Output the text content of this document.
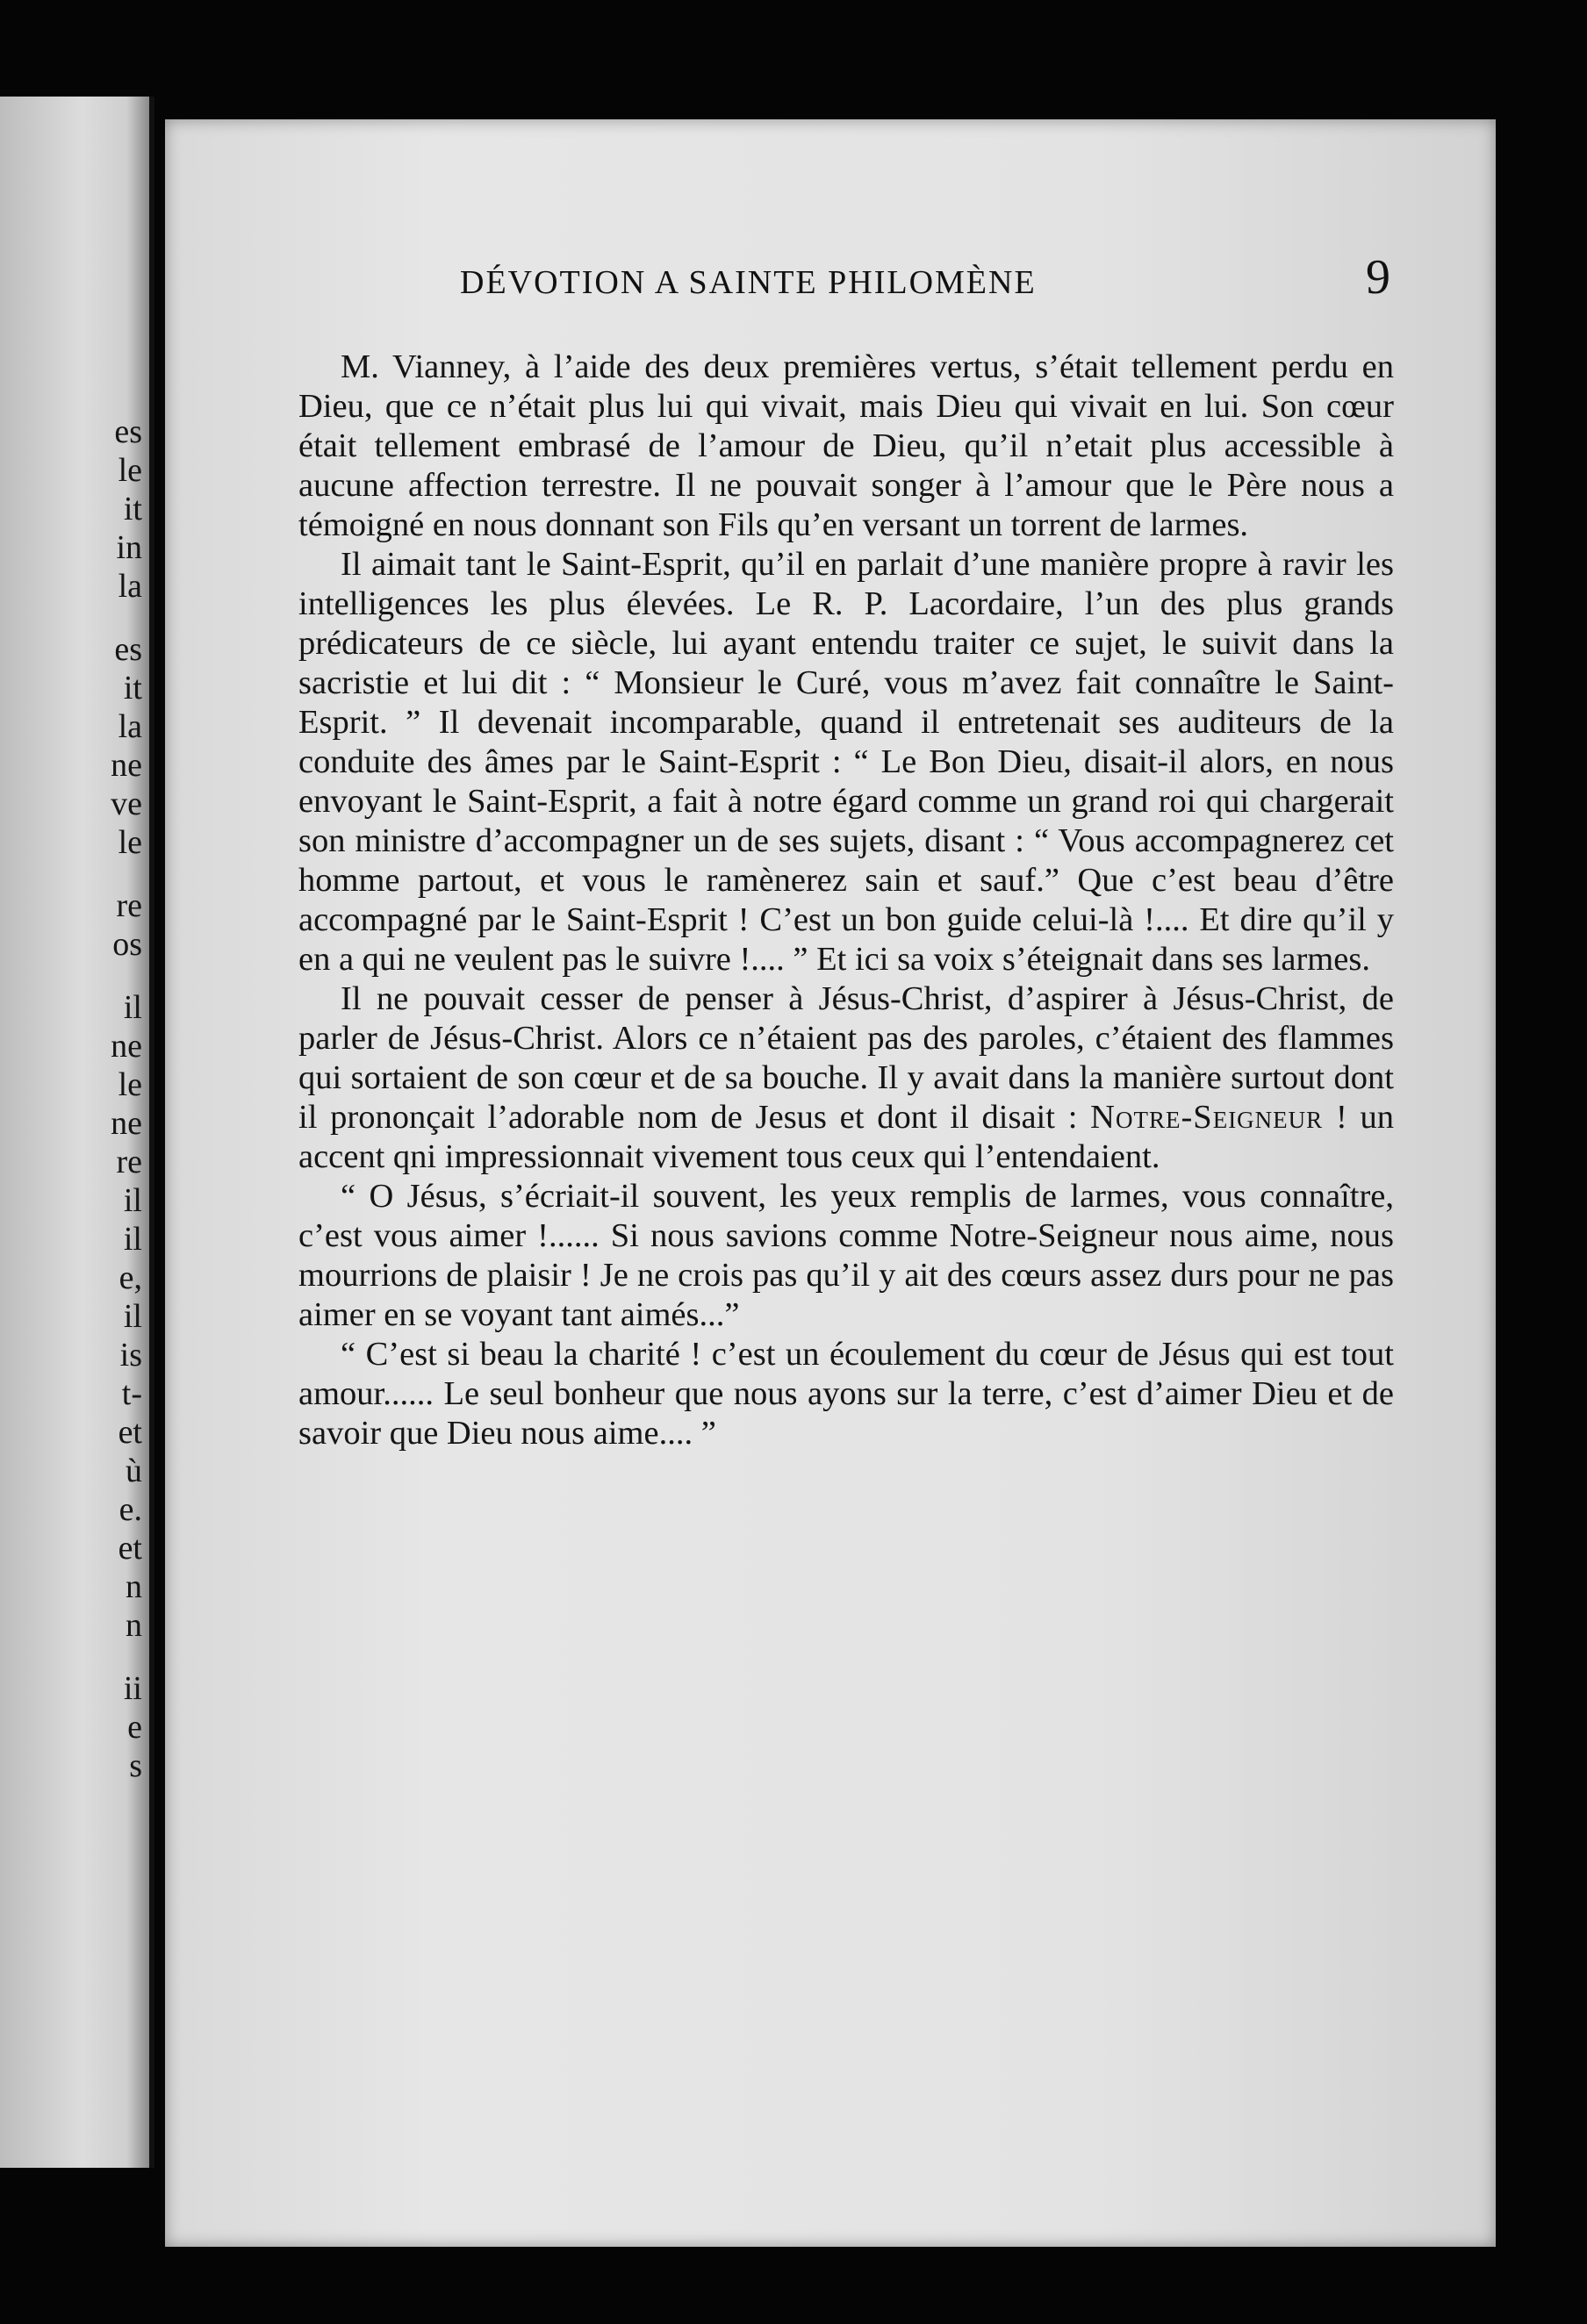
es
le
it
in
la
es
it
la
ne
ve
le
re
os
il
ne
le
ne
re
il
il
e,
il
is
t-
et
ù
e.
et
n
n
ii
e
s
DÉVOTION A SAINTE PHILOMÈNE	9

M. Vianney, à l’aide des deux premières vertus, s’était tellement perdu en Dieu, que ce n’était plus lui qui vivait, mais Dieu qui vivait en lui. Son cœur était tellement embrasé de l’amour de Dieu, qu’il n’etait plus accessible à aucune affection terrestre. Il ne pouvait songer à l’amour que le Père nous a témoigné en nous donnant son Fils qu’en versant un torrent de larmes.

Il aimait tant le Saint-Esprit, qu’il en parlait d’une manière propre à ravir les intelligences les plus élevées. Le R. P. Lacordaire, l’un des plus grands prédicateurs de ce siècle, lui ayant entendu traiter ce sujet, le suivit dans la sacristie et lui dit : “ Monsieur le Curé, vous m’avez fait connaître le Saint-Esprit. ” Il devenait incomparable, quand il entretenait ses auditeurs de la conduite des âmes par le Saint-Esprit : “ Le Bon Dieu, disait-il alors, en nous envoyant le Saint-Esprit, a fait à notre égard comme un grand roi qui chargerait son ministre d’accompagner un de ses sujets, disant : “ Vous accompagnerez cet homme partout, et vous le ramènerez sain et sauf.” Que c’est beau d’être accompagné par le Saint-Esprit ! C’est un bon guide celui-là !.... Et dire qu’il y en a qui ne veulent pas le suivre !.... ” Et ici sa voix s’éteignait dans ses larmes.

Il ne pouvait cesser de penser à Jésus-Christ, d’aspirer à Jésus-Christ, de parler de Jésus-Christ. Alors ce n’étaient pas des paroles, c’étaient des flammes qui sortaient de son cœur et de sa bouche. Il y avait dans la manière surtout dont il prononçait l’adorable nom de Jesus et dont il disait : Notre-Seigneur ! un accent qni impressionnait vivement tous ceux qui l’entendaient.

“ O Jésus, s’écriait-il souvent, les yeux remplis de larmes, vous connaître, c’est vous aimer !...... Si nous savions comme Notre-Seigneur nous aime, nous mourrions de plaisir ! Je ne crois pas qu’il y ait des cœurs assez durs pour ne pas aimer en se voyant tant aimés...”

“ C’est si beau la charité ! c’est un écoulement du cœur de Jésus qui est tout amour...... Le seul bonheur que nous ayons sur la terre, c’est d’aimer Dieu et de savoir que Dieu nous aime.... ”
